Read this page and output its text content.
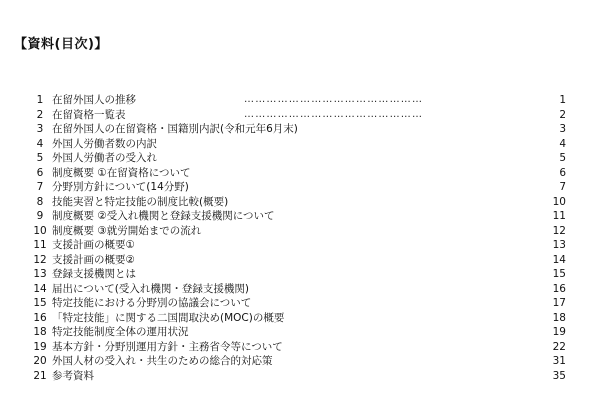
【資料(目次)】
1 在留外国人の推移	…………………………………………	1
2 在留資格一覧表	…………………………………………	2
3 在留外国人の在留資格・国籍別内訳(令和元年6月末)	3
4 外国人労働者数の内訳	4
5 外国人労働者の受入れ	5
6 制度概要 ①在留資格について	6
7 分野別方針について(14分野)	7
8 技能実習と特定技能の制度比較(概要)	10
9 制度概要 ②受入れ機関と登録支援機関について	11
10 制度概要 ③就労開始までの流れ	12
11 支援計画の概要①	13
12 支援計画の概要②	14
13 登録支援機関とは	15
14 届出について(受入れ機関・登録支援機関)	16
15 特定技能における分野別の協議会について	17
16 「特定技能」に関する二国間取決め(MOC)の概要	18
18 特定技能制度全体の運用状況	19
19 基本方針・分野別運用方針・主務省令等について	22
20 外国人材の受入れ・共生のための総合的対応策	31
21 参考資料	35
